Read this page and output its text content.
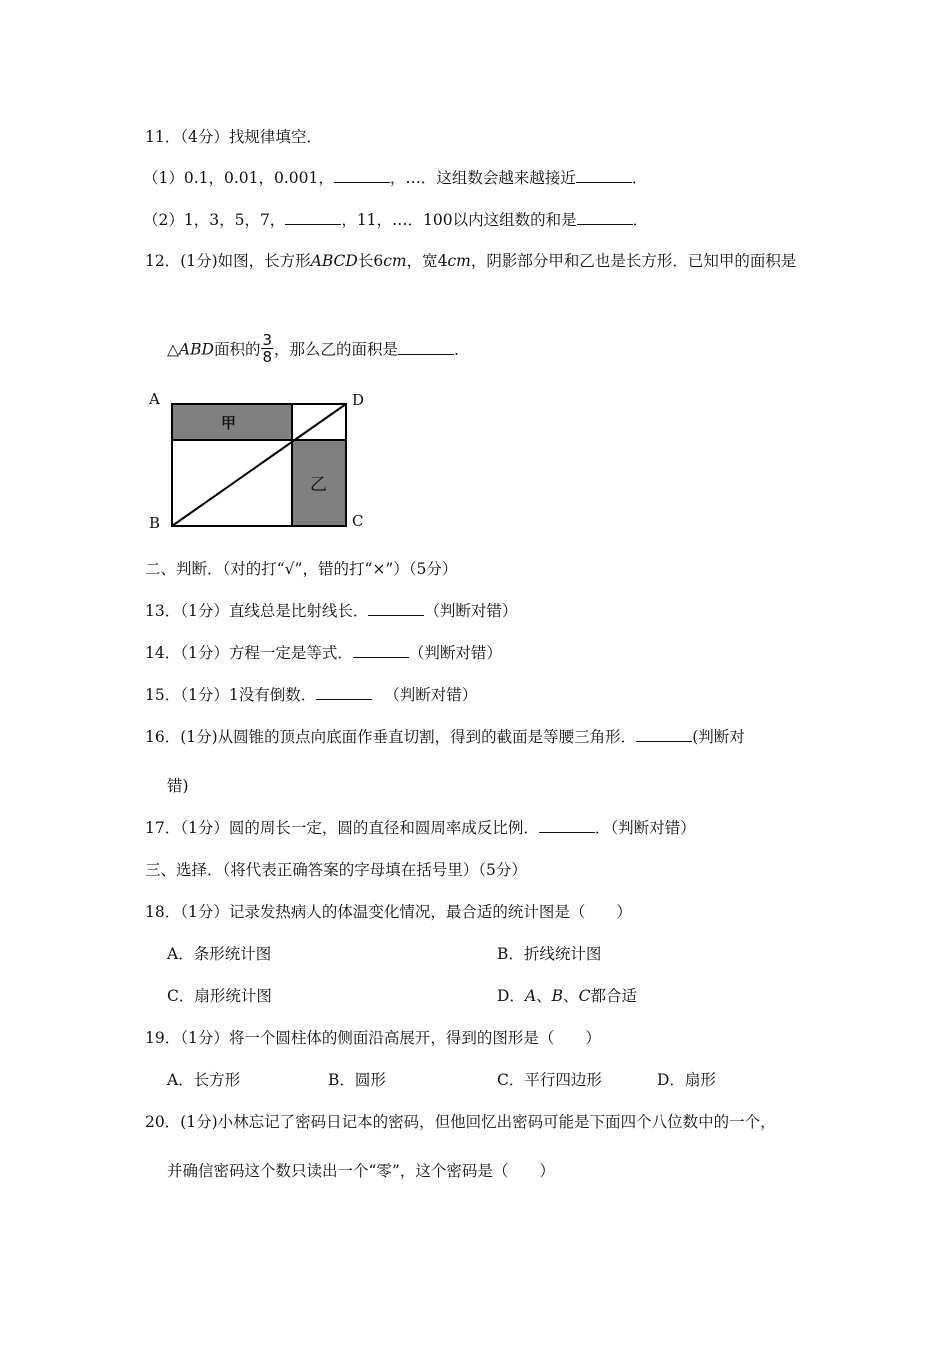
11．（4分）找规律填空．
（1）0.1，0.01，0.001，	，…．这组数会越来越接近	．
（2）1，3，5，7，	，11，…．100以内这组数的和是	．
12．(1分)如图，长方形ABCD长6cm，宽4cm，阴影部分甲和乙也是长方形．已知甲的面积是
△ABD面积的 $\frac{3}{8}$ ，那么乙的面积是	．
A	D
B	C
甲
乙
二、判断．（对的打“√”，错的打“×”）（5分）
13．（1分）直线总是比射线长．	（判断对错）
14．（1分）方程一定是等式．	（判断对错）
15．（1分）1没有倒数．	（判断对错）
16．(1分)从圆锥的顶点向底面作垂直切割，得到的截面是等腰三角形．	(判断对
错)
17．（1分）圆的周长一定，圆的直径和圆周率成反比例．	．（判断对错）
三、选择．（将代表正确答案的字母填在括号里）（5分）
18．（1分）记录发热病人的体温变化情况，最合适的统计图是（　　）
A．条形统计图	B．折线统计图
C．扇形统计图	D．A、B、C都合适
19．（1分）将一个圆柱体的侧面沿高展开，得到的图形是（　　）
A．长方形	B．圆形	C．平行四边形	D．扇形
20．(1分)小林忘记了密码日记本的密码，但他回忆出密码可能是下面四个八位数中的一个，
并确信密码这个数只读出一个“零”，这个密码是（　　）
